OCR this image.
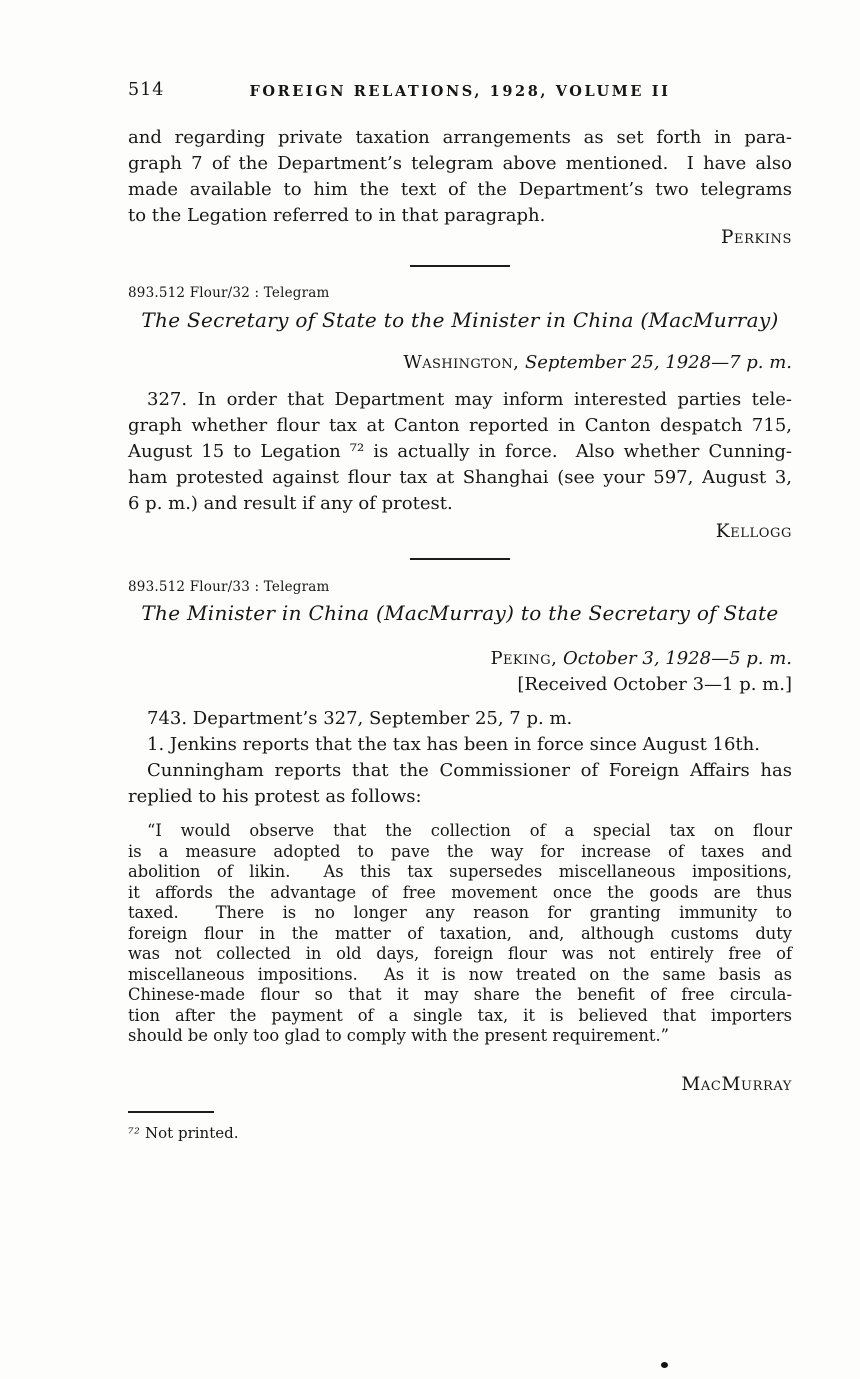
514	FOREIGN RELATIONS, 1928, VOLUME II
and regarding private taxation arrangements as set forth in para-
graph 7 of the Department’s telegram above mentioned.  I have also
made available to him the text of the Department’s two telegrams
to the Legation referred to in that paragraph.
Perkins
893.512 Flour/32 : Telegram
The Secretary of State to the Minister in China (MacMurray)
Washington, September 25, 1928—7 p. m.
327. In order that Department may inform interested parties tele-
graph whether flour tax at Canton reported in Canton despatch 715,
August 15 to Legation ⁷² is actually in force.  Also whether Cunning-
ham protested against flour tax at Shanghai (see your 597, August 3,
6 p. m.) and result if any of protest.
Kellogg
893.512 Flour/33 : Telegram
The Minister in China (MacMurray) to the Secretary of State
Peking, October 3, 1928—5 p. m.
[Received October 3—1 p. m.]
743. Department’s 327, September 25, 7 p. m.
1. Jenkins reports that the tax has been in force since August 16th.
Cunningham reports that the Commissioner of Foreign Affairs has
replied to his protest as follows:
“I would observe that the collection of a special tax on flour
is a measure adopted to pave the way for increase of taxes and
abolition of likin.  As this tax supersedes miscellaneous impositions,
it affords the advantage of free movement once the goods are thus
taxed.  There is no longer any reason for granting immunity to
foreign flour in the matter of taxation, and, although customs duty
was not collected in old days, foreign flour was not entirely free of
miscellaneous impositions.  As it is now treated on the same basis as
Chinese-made flour so that it may share the benefit of free circula-
tion after the payment of a single tax, it is believed that importers
should be only too glad to comply with the present requirement.”
MacMurray
⁷² Not printed.
